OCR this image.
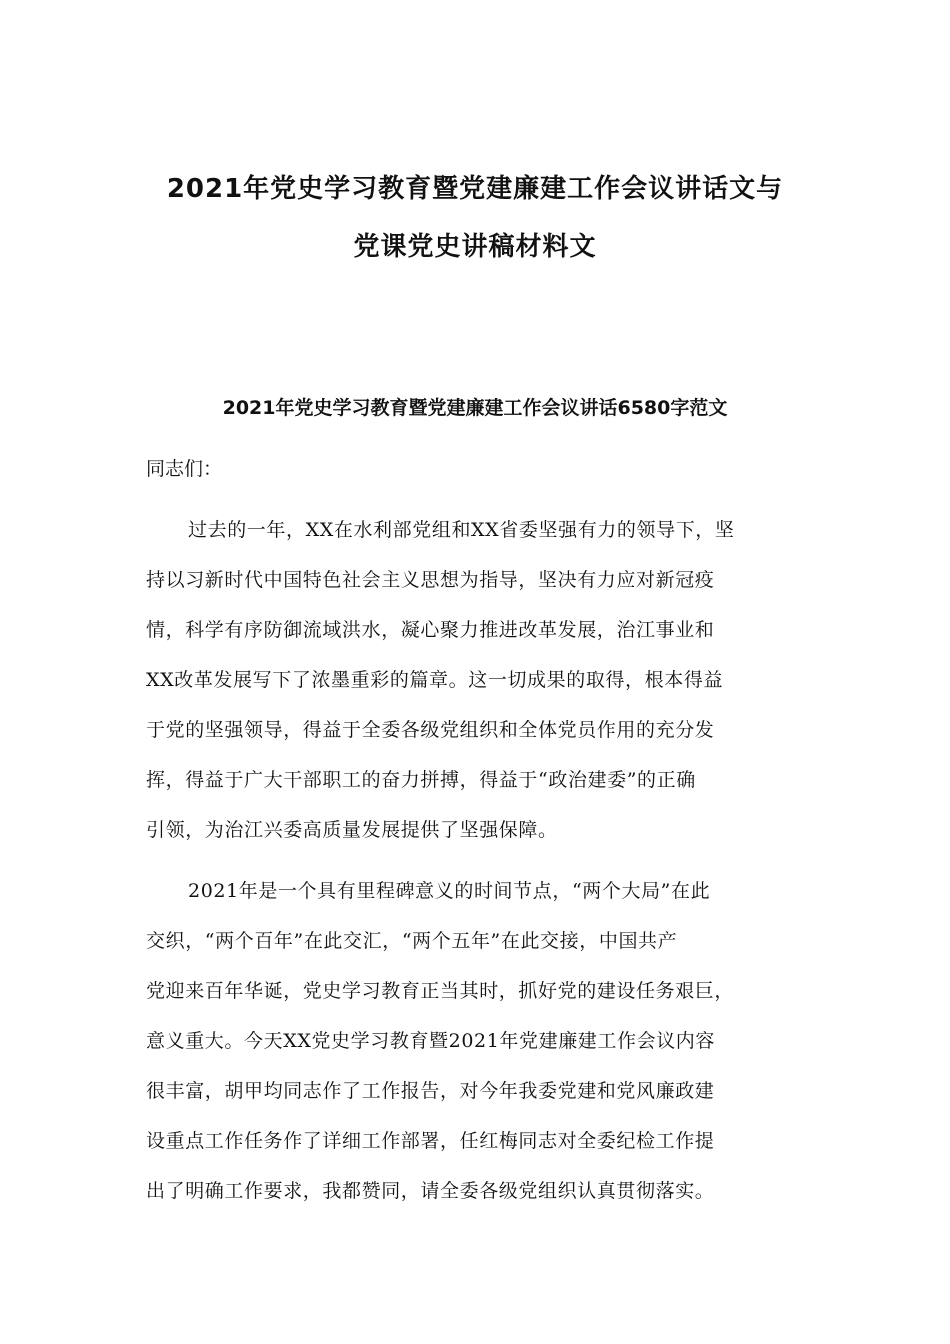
2021年党史学习教育暨党建廉建工作会议讲话文与
党课党史讲稿材料文
2021年党史学习教育暨党建廉建工作会议讲话6580字范文
同志们：
过去的一年，XX在水利部党组和XX省委坚强有力的领导下，坚
持以习新时代中国特色社会主义思想为指导，坚决有力应对新冠疫
情，科学有序防御流域洪水，凝心聚力推进改革发展，治江事业和
XX改革发展写下了浓墨重彩的篇章。这一切成果的取得，根本得益
于党的坚强领导，得益于全委各级党组织和全体党员作用的充分发
挥，得益于广大干部职工的奋力拼搏，得益于“政治建委”的正确
引领，为治江兴委高质量发展提供了坚强保障。
2021年是一个具有里程碑意义的时间节点，“两个大局”在此
交织，“两个百年”在此交汇，“两个五年”在此交接，中国共产
党迎来百年华诞，党史学习教育正当其时，抓好党的建设任务艰巨，
意义重大。今天XX党史学习教育暨2021年党建廉建工作会议内容
很丰富，胡甲均同志作了工作报告，对今年我委党建和党风廉政建
设重点工作任务作了详细工作部署，任红梅同志对全委纪检工作提
出了明确工作要求，我都赞同，请全委各级党组织认真贯彻落实。
